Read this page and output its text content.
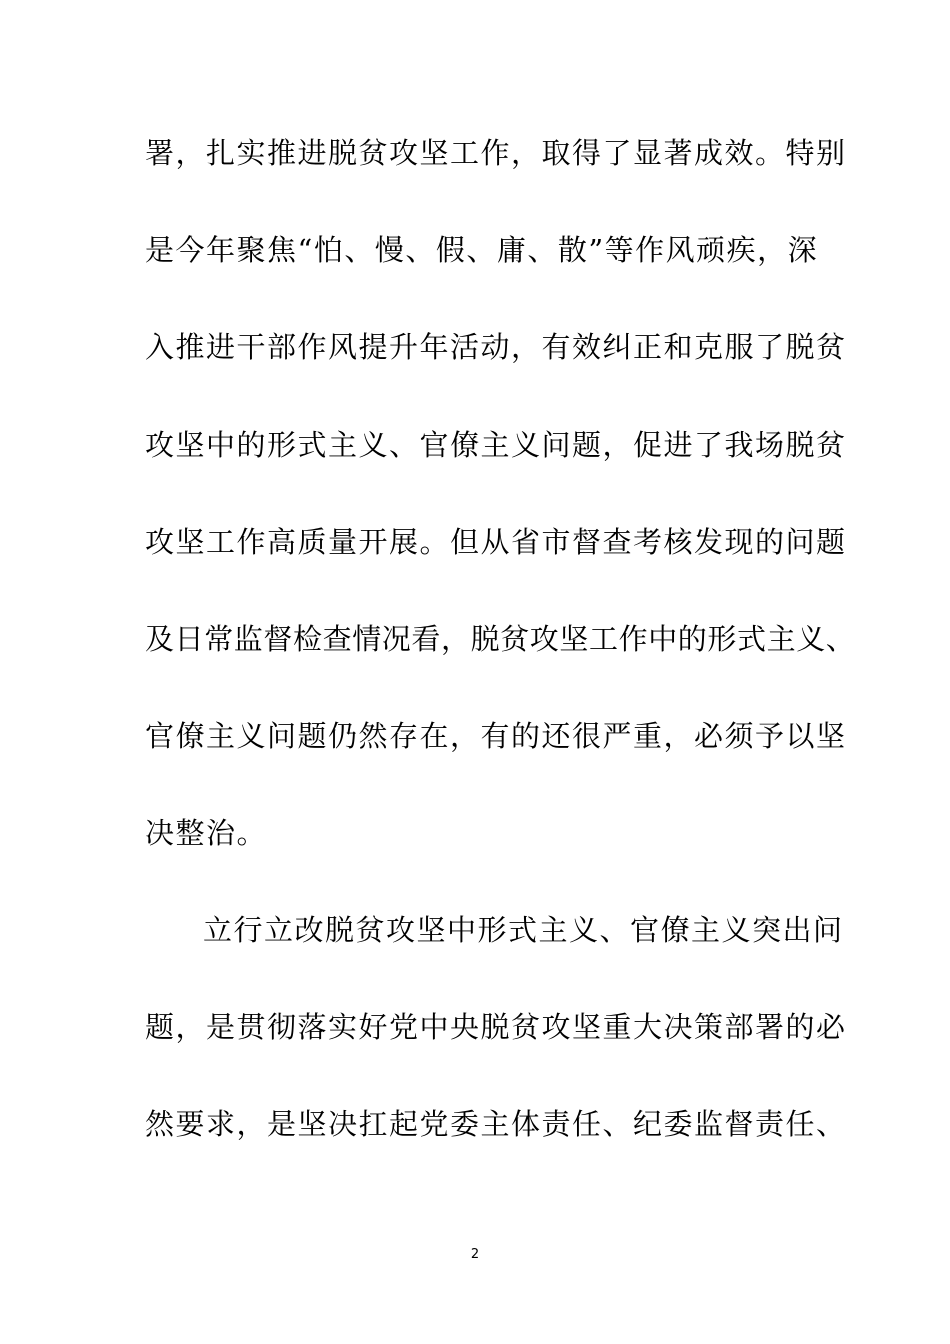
署，扎实推进脱贫攻坚工作，取得了显著成效。特别
是今年聚焦“怕、慢、假、庸、散”等作风顽疾，深
入推进干部作风提升年活动，有效纠正和克服了脱贫
攻坚中的形式主义、官僚主义问题，促进了我场脱贫
攻坚工作高质量开展。但从省市督查考核发现的问题
及日常监督检查情况看，脱贫攻坚工作中的形式主义、
官僚主义问题仍然存在，有的还很严重，必须予以坚
决整治。
立行立改脱贫攻坚中形式主义、官僚主义突出问
题，是贯彻落实好党中央脱贫攻坚重大决策部署的必
然要求，是坚决扛起党委主体责任、纪委监督责任、
2
